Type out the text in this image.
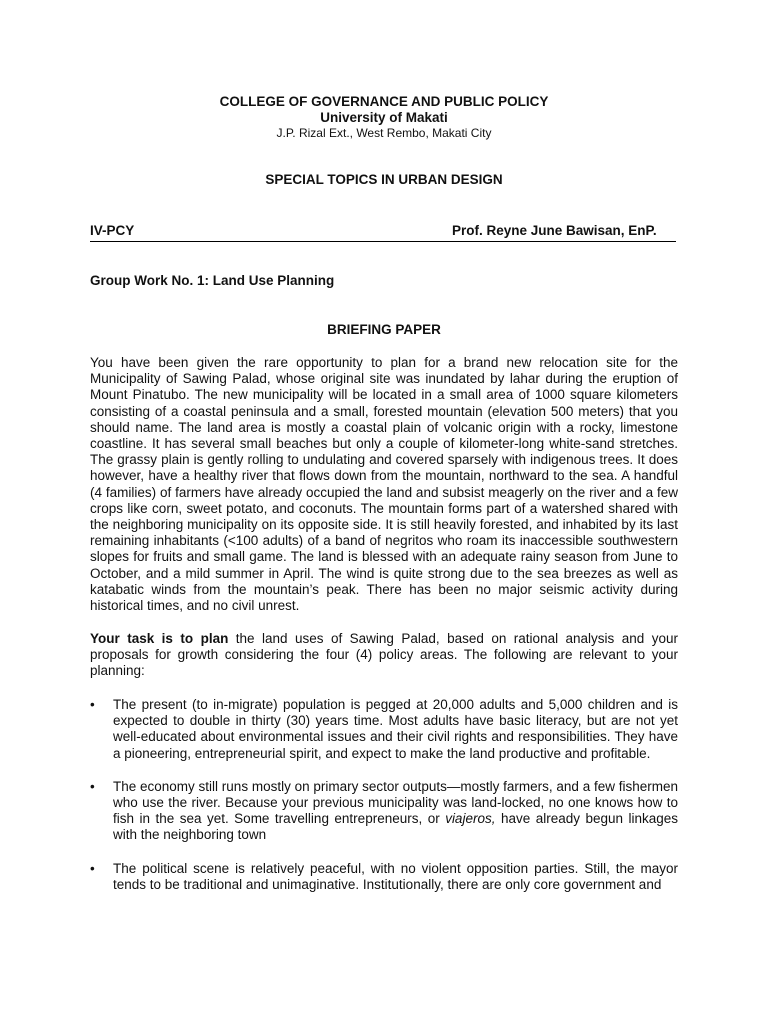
COLLEGE OF GOVERNANCE AND PUBLIC POLICY
University of Makati
J.P. Rizal Ext., West Rembo, Makati City
SPECIAL TOPICS IN URBAN DESIGN
IV-PCY	Prof. Reyne June Bawisan, EnP.
Group Work No. 1: Land Use Planning
BRIEFING PAPER
You have been given the rare opportunity to plan for a brand new relocation site for the Municipality of Sawing Palad, whose original site was inundated by lahar during the eruption of Mount Pinatubo. The new municipality will be located in a small area of 1000 square kilometers consisting of a coastal peninsula and a small, forested mountain (elevation 500 meters) that you should name. The land area is mostly a coastal plain of volcanic origin with a rocky, limestone coastline. It has several small beaches but only a couple of kilometer-long white-sand stretches. The grassy plain is gently rolling to undulating and covered sparsely with indigenous trees. It does however, have a healthy river that flows down from the mountain, northward to the sea. A handful (4 families) of farmers have already occupied the land and subsist meagerly on the river and a few crops like corn, sweet potato, and coconuts. The mountain forms part of a watershed shared with the neighboring municipality on its opposite side. It is still heavily forested, and inhabited by its last remaining inhabitants (<100 adults) of a band of negritos who roam its inaccessible southwestern slopes for fruits and small game. The land is blessed with an adequate rainy season from June to October, and a mild summer in April. The wind is quite strong due to the sea breezes as well as katabatic winds from the mountain’s peak. There has been no major seismic activity during historical times, and no civil unrest.
Your task is to plan the land uses of Sawing Palad, based on rational analysis and your proposals for growth considering the four (4) policy areas. The following are relevant to your planning:
• The present (to in-migrate) population is pegged at 20,000 adults and 5,000 children and is expected to double in thirty (30) years time. Most adults have basic literacy, but are not yet well-educated about environmental issues and their civil rights and responsibilities. They have a pioneering, entrepreneurial spirit, and expect to make the land productive and profitable.
• The economy still runs mostly on primary sector outputs—mostly farmers, and a few fishermen who use the river. Because your previous municipality was land-locked, no one knows how to fish in the sea yet. Some travelling entrepreneurs, or viajeros, have already begun linkages with the neighboring town
• The political scene is relatively peaceful, with no violent opposition parties. Still, the mayor tends to be traditional and unimaginative. Institutionally, there are only core government and
